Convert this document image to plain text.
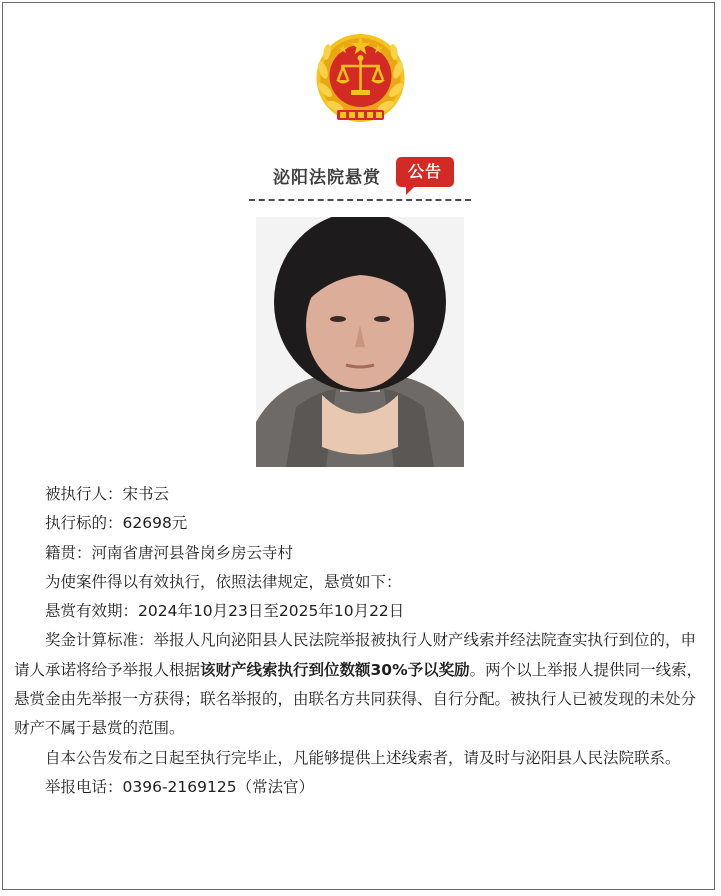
泌阳法院悬赏	公告

被执行人：宋书云

执行标的：62698元

籍贯：河南省唐河县昝岗乡房云寺村

为使案件得以有效执行，依照法律规定，悬赏如下：

悬赏有效期：2024年10月23日至2025年10月22日

奖金计算标准：举报人凡向泌阳县人民法院举报被执行人财产线索并经法院查实执行到位的，申请人承诺将给予举报人根据该财产线索执行到位数额30%予以奖励。两个以上举报人提供同一线索，悬赏金由先举报一方获得；联名举报的，由联名方共同获得、自行分配。被执行人已被发现的未处分财产不属于悬赏的范围。

自本公告发布之日起至执行完毕止，凡能够提供上述线索者，请及时与泌阳县人民法院联系。

举报电话：0396-2169125（常法官）
